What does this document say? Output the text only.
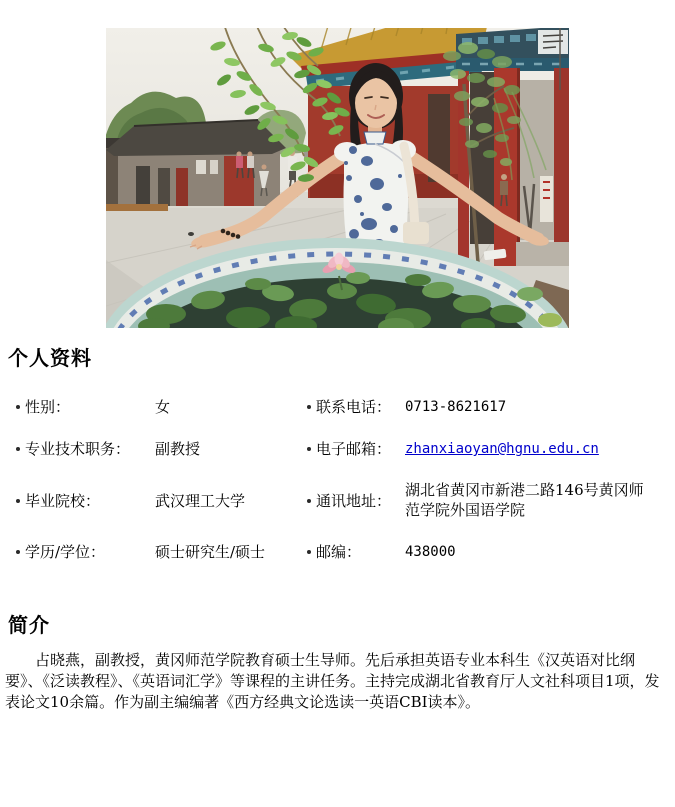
个人资料
性别：	女	联系电话： 0713-8621617
专业技术职务：	副教授	电子邮箱： zhanxiaoyan@hgnu.edu.cn
毕业院校：	武汉理工大学	通讯地址：
湖北省黄冈市新港二路146号黄冈师范学院外国语学院
学历/学位：	硕士研究生/硕士	邮编：	438000
简介

占晓燕，副教授，黄冈师范学院教育硕士生导师。先后承担英语专业本科生《汉英语对比纲要》、《泛读教程》、《英语词汇学》等课程的主讲任务。主持完成湖北省教育厅人文社科项目1项，发表论文10余篇。作为副主编编著《西方经典文论选读一英语CBI读本》。
